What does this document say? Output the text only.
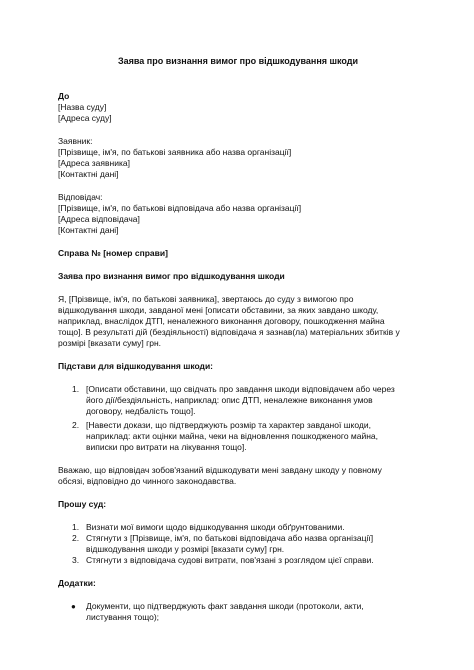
Заява про визнання вимог про відшкодування шкоди
До
[Назва суду]
[Адреса суду]
Заявник:
[Прізвище, ім'я, по батькові заявника або назва організації]
[Адреса заявника]
[Контактні дані]
Відповідач:
[Прізвище, ім'я, по батькові відповідача або назва організації]
[Адреса відповідача]
[Контактні дані]
Справа № [номер справи]
Заява про визнання вимог про відшкодування шкоди
Я, [Прізвище, ім'я, по батькові заявника], звертаюсь до суду з вимогою про
відшкодування шкоди, завданої мені [описати обставини, за яких завдано шкоду,
наприклад, внаслідок ДТП, неналежного виконання договору, пошкодження майна
тощо]. В результаті дій (бездіяльності) відповідача я зазнав(ла) матеріальних збитків у
розмірі [вказати суму] грн.
Підстави для відшкодування шкоди:
1. [Описати обставини, що свідчать про завдання шкоди відповідачем або через
його дії/бездіяльність, наприклад: опис ДТП, неналежне виконання умов
договору, недбалість тощо].
2. [Навести докази, що підтверджують розмір та характер завданої шкоди,
наприклад: акти оцінки майна, чеки на відновлення пошкодженого майна,
виписки про витрати на лікування тощо].
Вважаю, що відповідач зобов'язаний відшкодувати мені завдану шкоду у повному
обсязі, відповідно до чинного законодавства.
Прошу суд:
1. Визнати мої вимоги щодо відшкодування шкоди обґрунтованими.
2. Стягнути з [Прізвище, ім'я, по батькові відповідача або назва організації]
відшкодування шкоди у розмірі [вказати суму] грн.
3. Стягнути з відповідача судові витрати, пов'язані з розглядом цієї справи.
Додатки:
● Документи, що підтверджують факт завдання шкоди (протоколи, акти,
листування тощо);
